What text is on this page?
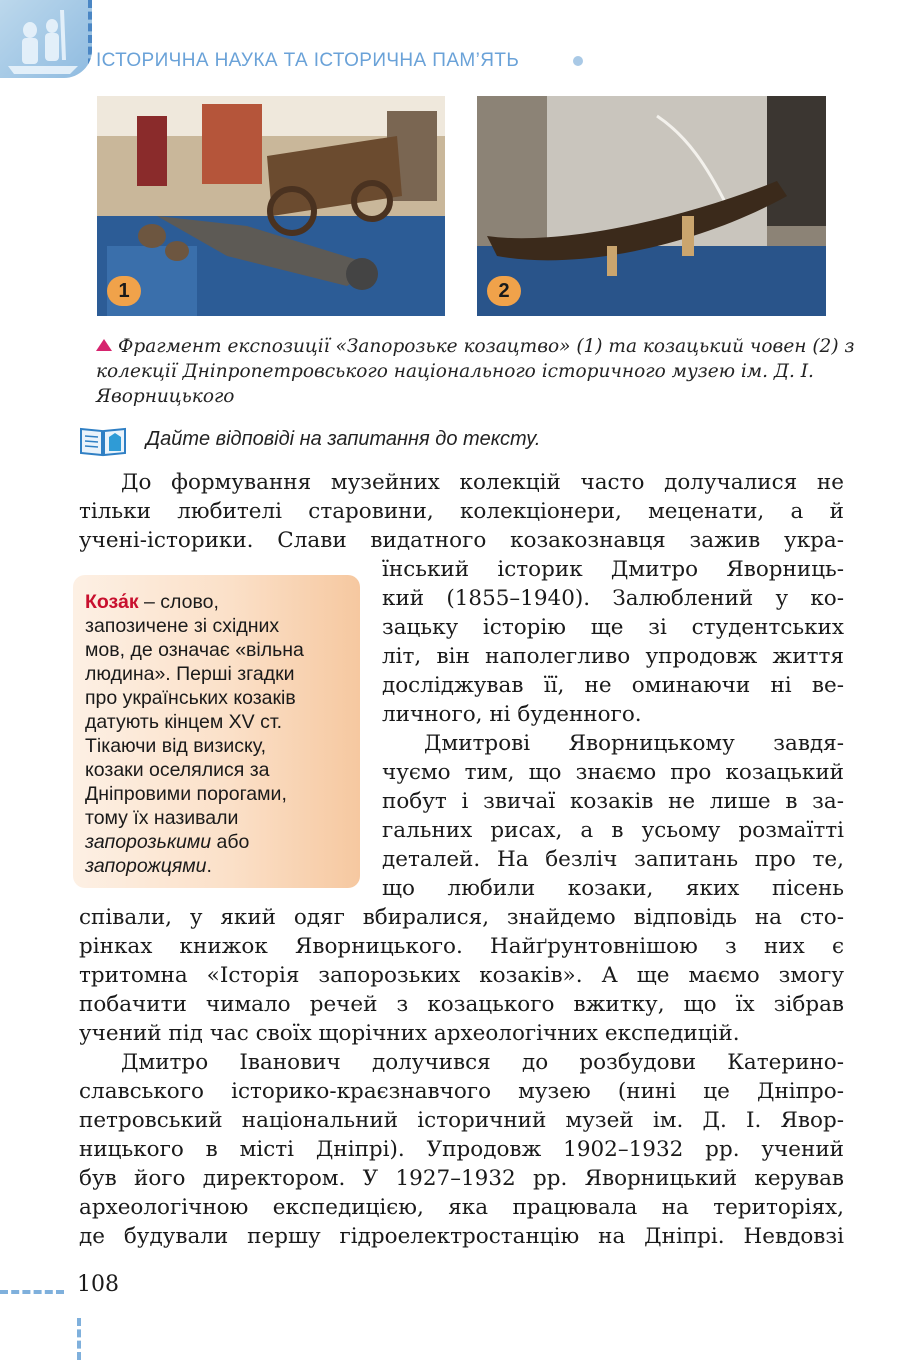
ІСТОРИЧНА НАУКА ТА ІСТОРИЧНА ПАМ’ЯТЬ
1	2
Фрагмент експозиції «Запорозьке козацтво» (1) та козацький човен (2) з колекції Дніпропетровського національного історичного музею ім. Д. І. Яворницького
Дайте відповіді на запитання до тексту.
До формування музейних колекцій часто долучалися не
тільки любителі старовини, колекціонери, меценати, а й
учені-історики. Слави видатного козакознавця зажив укра-
їнський історик Дмитро Яворниць-
кий (1855–1940). Залюблений у ко-
зацьку історію ще зі студентських
літ, він наполегливо упродовж життя
досліджував її, не оминаючи ні ве-
личного, ні буденного.
Дмитрові Яворницькому завдя-
чуємо тим, що знаємо про козацький
побут і звичаї козаків не лише в за-
гальних рисах, а в усьому розмаїтті
деталей. На безліч запитань про те,
що любили козаки, яких пісень
співали, у який одяг вбиралися, знайдемо відповідь на сто-
рінках книжок Яворницького. Найґрунтовнішою з них є
тритомна «Історія запорозьких козаків». А ще маємо змогу
побачити чимало речей з козацького вжитку, що їх зібрав
учений під час своїх щорічних археологічних експедицій.
Дмитро Іванович долучився до розбудови Катерино-
славського історико-краєзнавчого музею (нині це Дніпро-
петровський національний історичний музей ім. Д. І. Явор-
ницького в місті Дніпрі). Упродовж 1902–1932 рр. учений
був його директором. У 1927–1932 рр. Яворницький керував
археологічною експедицією, яка працювала на територіях,
де будували першу гідроелектростанцію на Дніпрі. Невдовзі
Коза́к – слово,
запозичене зі східних
мов, де означає «вільна
людина». Перші згадки
про українських козаків
датують кінцем XV ст.
Тікаючи від визиску,
козаки оселялися за
Дніпровими порогами,
тому їх називали
запорозькими або
запорожцями.
108
